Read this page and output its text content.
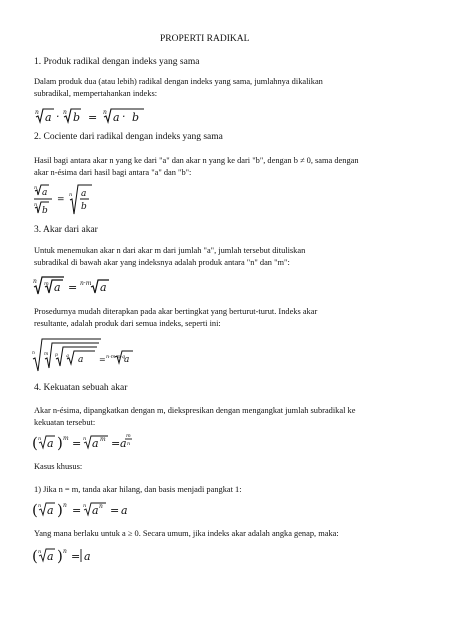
PROPERTI RADIKAL
1. Produk radikal dengan indeks yang sama
Dalam produk dua (atau lebih) radikal dengan indeks yang sama, jumlahnya dikalikan
subradikal, mempertahankan indeks:
n a · n b = n a · b
2. Cociente dari radikal dengan indeks yang sama
Hasil bagi antara akar n yang ke dari "a" dan akar n yang ke dari "b", dengan b ≠ 0, sama dengan
akar n-ésima dari hasil bagi antara "a" dan "b":
n a
n
b
= n a
b
3. Akar dari akar
Untuk menemukan akar n dari akar m dari jumlah "a", jumlah tersebut dituliskan
subradikal di bawah akar yang indeksnya adalah produk antara "n" dan "m":
n m a = n·m a
Prosedurnya mudah diterapkan pada akar bertingkat yang berturut-turut. Indeks akar
resultante, adalah produk dari semua indeks, seperti ini:
n m p q a = n·m·p·q
a
4. Kekuatan sebuah akar
Akar n-ésima, dipangkatkan dengan m, diekspresikan dengan mengangkat jumlah subradikal ke
kekuatan tersebut:
( n a ) m = n a m = a
m
n
Kasus khusus:
1) Jika n = m, tanda akar hilang, dan basis menjadi pangkat 1:
( n a ) n = n a n = a
Yang mana berlaku untuk a ≥ 0. Secara umum, jika indeks akar adalah angka genap, maka:
( n a ) n = a
